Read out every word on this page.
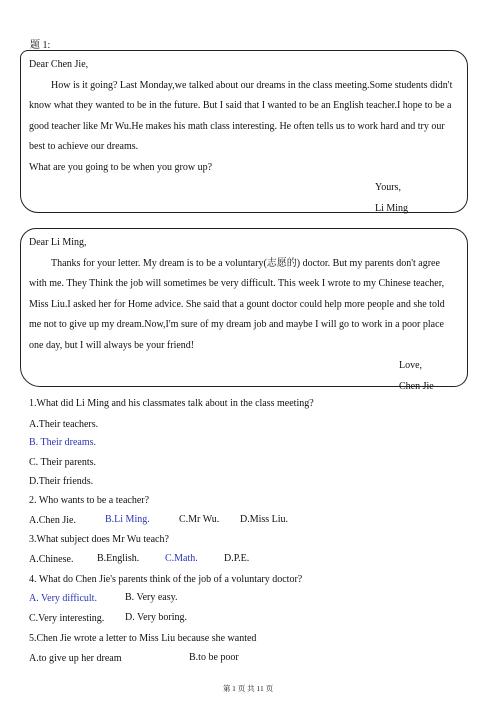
题 1:

Dear Chen Jie,

How is it going? Last Monday,we talked about our dreams in the class meeting.Some students didn't know what they wanted to be in the future. But I said that I wanted to be an English teacher.I hope to be a good teacher like Mr Wu.He makes his math class interesting. He often tells us to work hard and try our best to achieve our dreams.

What are you going to be when you grow up?

Yours,

Li Ming

Dear Li Ming,

Thanks for your letter. My dream is to be a voluntary(志愿的) doctor. But my parents don't agree with me. They Think the job will sometimes be very difficult. This week I wrote to my Chinese teacher, Miss Liu.I asked her for Home advice. She said that a gount doctor could help more people and she told me not to give up my dream.Now,I'm sure of my dream job and maybe I will go to work in a poor place one day, but I will always be your friend!

Love,

Chen Jie

1.What did Li Ming and his classmates talk about in the class meeting?
A.Their teachers.
B. Their dreams.
C. Their parents.
D.Their friends.
2. Who wants to be a teacher?
A.Chen Jie.	B.Li Ming.	C.Mr Wu. D.Miss Liu.
3.What subject does Mr Wu teach?
A.Chinese. B.English.	C.Math.	D.P.E.
4. What do Chen Jie's parents think of the job of a voluntary doctor?
A. Very difficult.	B. Very easy.
C.Very interesting. D. Very boring.
5.Chen Jie wrote a letter to Miss Liu because she wanted
A.to give up her dream	B.to be poor
第 1 页 共 11 页
